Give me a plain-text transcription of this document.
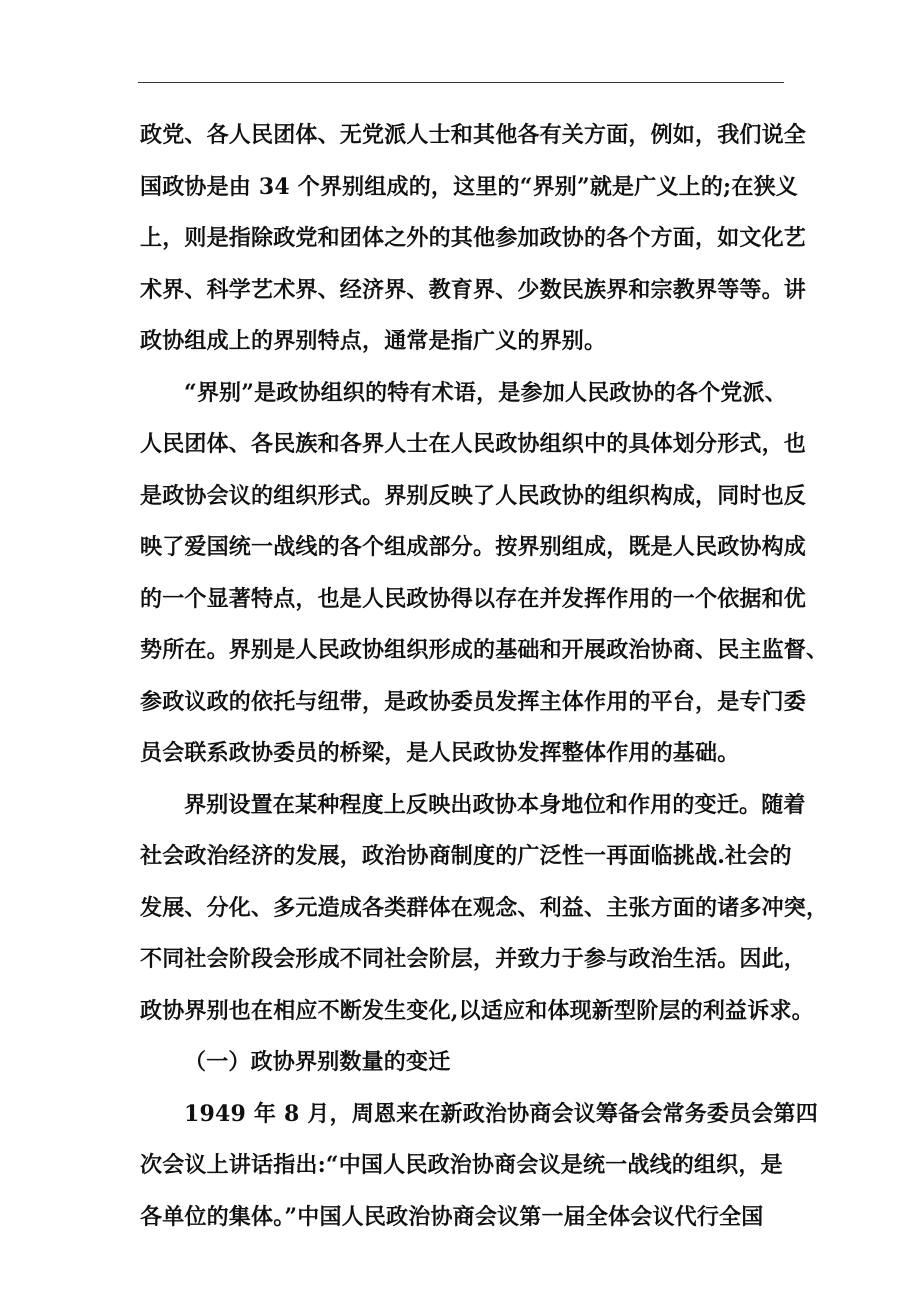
政党、各人民团体、无党派人士和其他各有关方面，例如，我们说全
国政协是由 34 个界别组成的，这里的“界别”就是广义上的;在狭义
上，则是指除政党和团体之外的其他参加政协的各个方面，如文化艺
术界、科学艺术界、经济界、教育界、少数民族界和宗教界等等。讲
政协组成上的界别特点，通常是指广义的界别。
“界别”是政协组织的特有术语，是参加人民政协的各个党派、
人民团体、各民族和各界人士在人民政协组织中的具体划分形式，也
是政协会议的组织形式。界别反映了人民政协的组织构成，同时也反
映了爱国统一战线的各个组成部分。按界别组成，既是人民政协构成
的一个显著特点，也是人民政协得以存在并发挥作用的一个依据和优
势所在。界别是人民政协组织形成的基础和开展政治协商、民主监督、
参政议政的依托与纽带，是政协委员发挥主体作用的平台，是专门委
员会联系政协委员的桥梁，是人民政协发挥整体作用的基础。
界别设置在某种程度上反映出政协本身地位和作用的变迁。随着
社会政治经济的发展，政治协商制度的广泛性一再面临挑战.社会的
发展、分化、多元造成各类群体在观念、利益、主张方面的诸多冲突，
不同社会阶段会形成不同社会阶层，并致力于参与政治生活。因此，
政协界别也在相应不断发生变化,以适应和体现新型阶层的利益诉求。
（一）政协界别数量的变迁
1949 年 8 月，周恩来在新政治协商会议筹备会常务委员会第四
次会议上讲话指出:“中国人民政治协商会议是统一战线的组织，是
各单位的集体。”中国人民政治协商会议第一届全体会议代行全国
